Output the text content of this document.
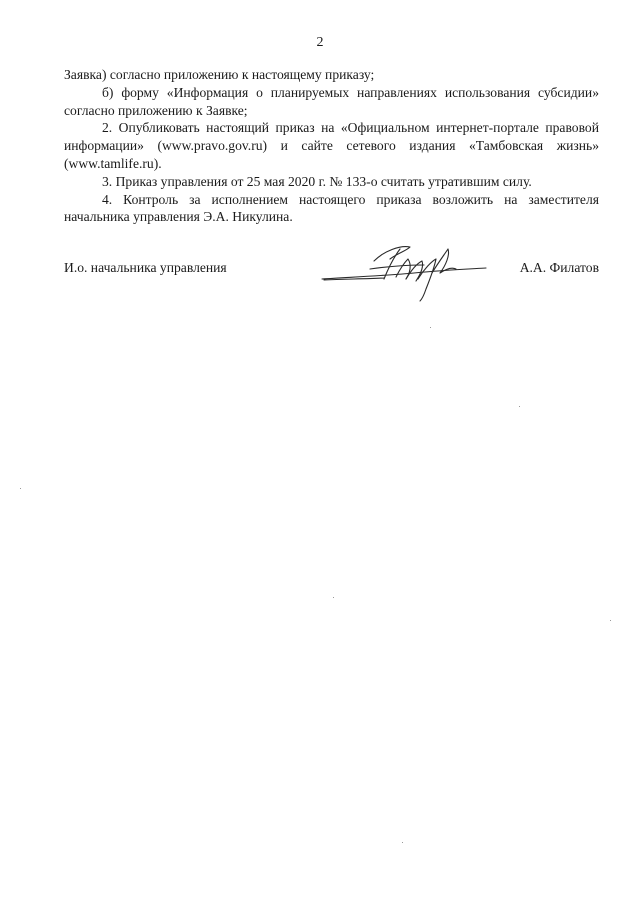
2

Заявка) согласно приложению к настоящему приказу;

б) форму «Информация о планируемых направлениях использования субсидии» согласно приложению к Заявке;

2. Опубликовать настоящий приказ на «Официальном интернет-портале правовой информации» (www.pravo.gov.ru) и сайте сетевого издания «Тамбовская жизнь» (www.tamlife.ru).

3. Приказ управления от 25 мая 2020 г. № 133-о считать утратившим силу.

4. Контроль за исполнением настоящего приказа возложить на заместителя начальника управления Э.А. Никулина.

И.о. начальника управления	А.А. Филатов
